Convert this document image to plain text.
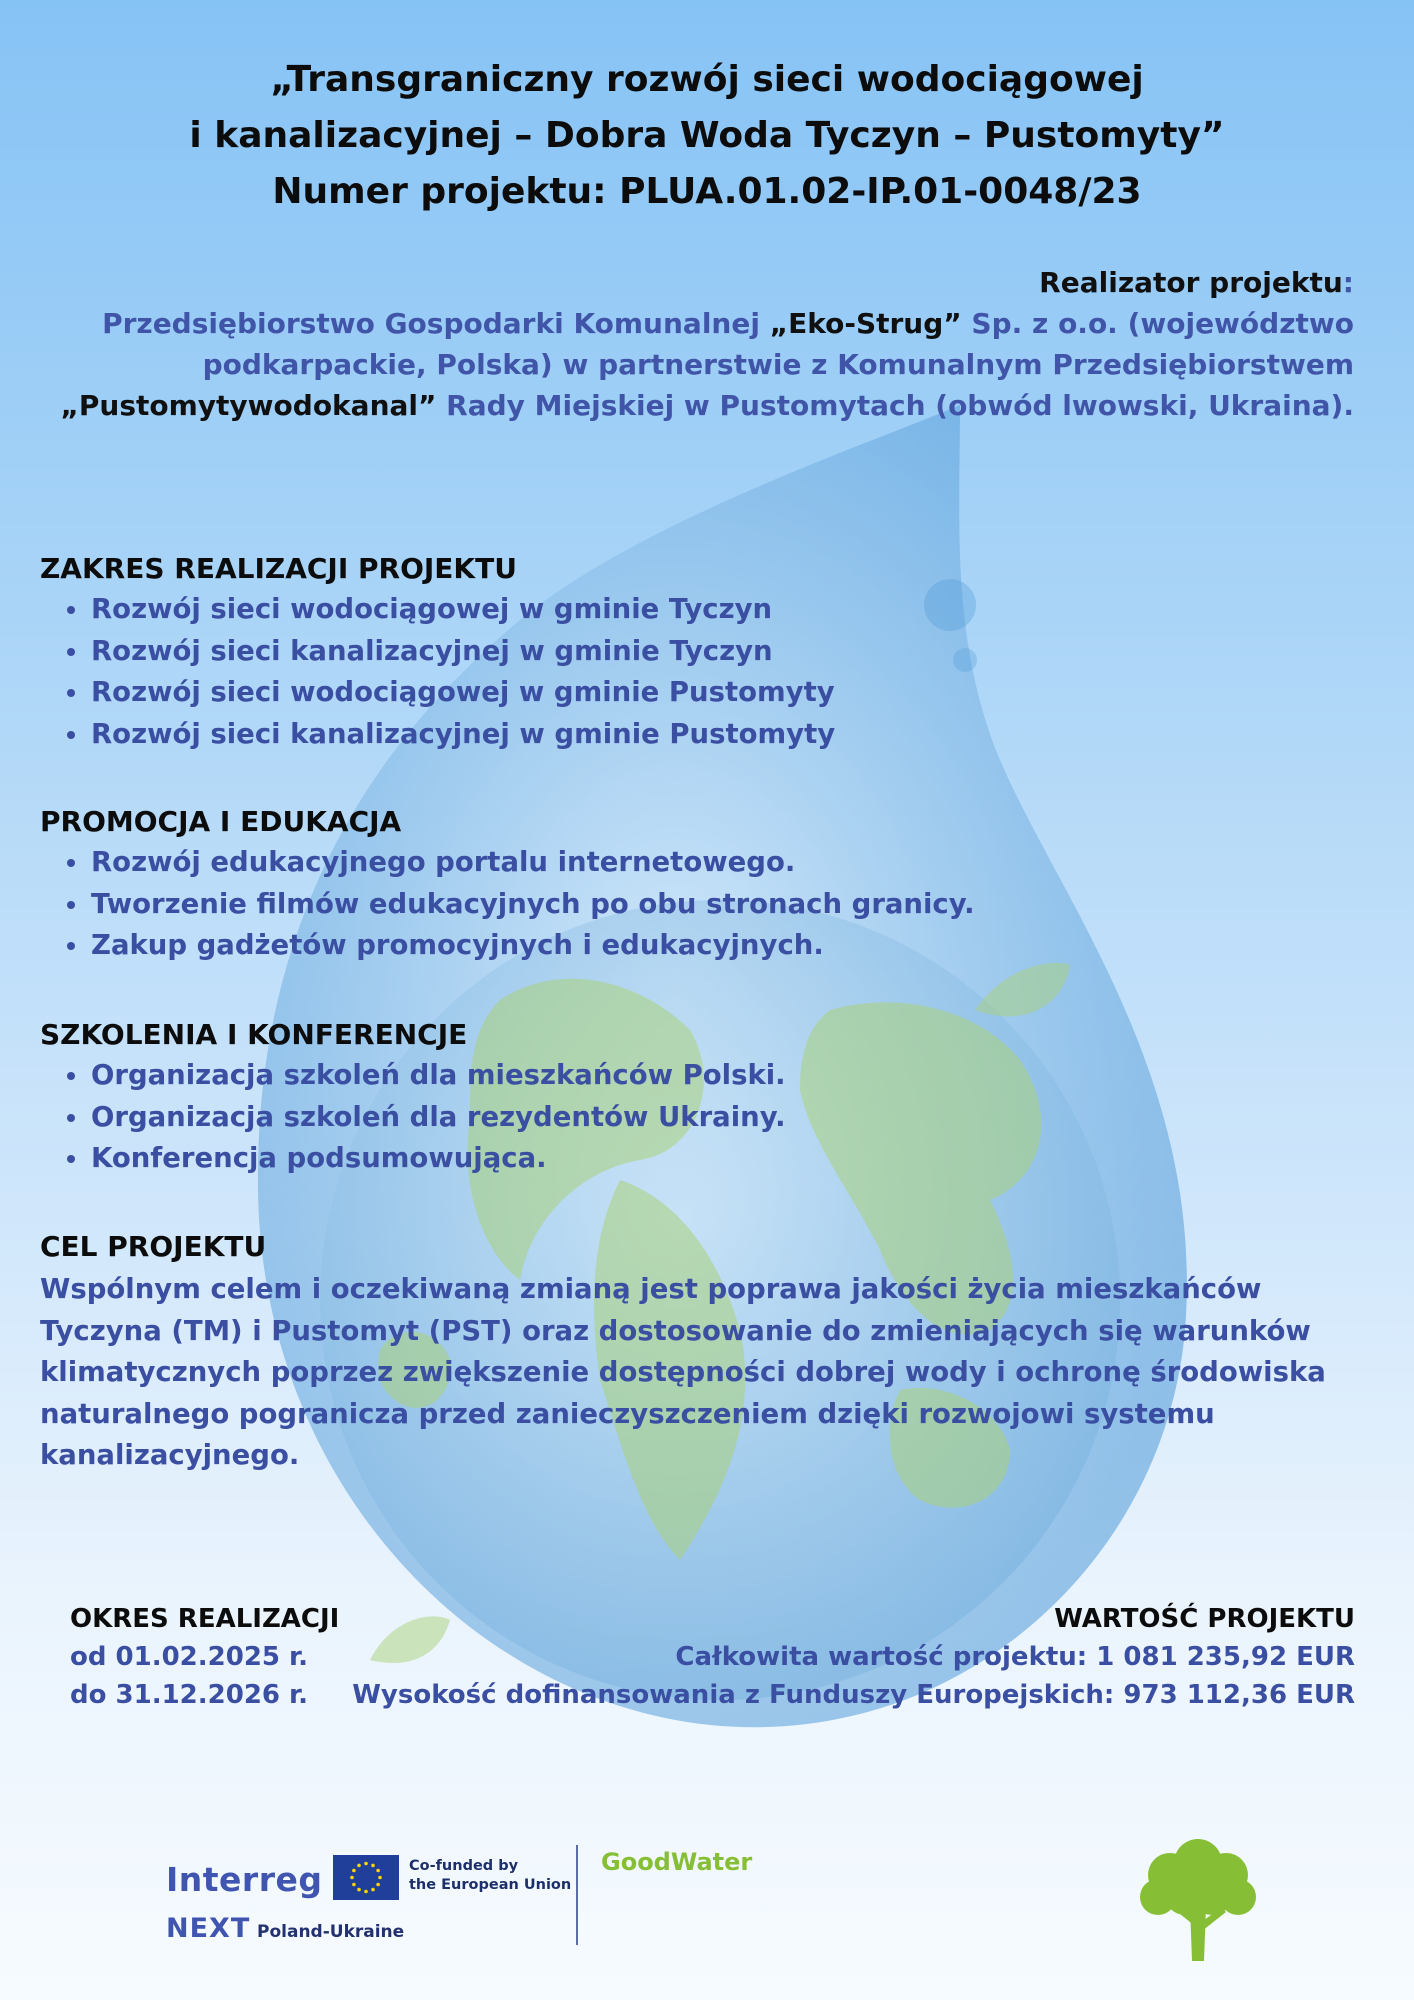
„Transgraniczny rozwój sieci wodociągowej
i kanalizacyjnej – Dobra Woda Tyczyn – Pustomyty”
Numer projektu: PLUA.01.02-IP.01-0048/23
Realizator projektu:
Przedsiębiorstwo Gospodarki Komunalnej „Eko-Strug” Sp. z o.o. (województwo podkarpackie, Polska) w partnerstwie z Komunalnym Przedsiębiorstwem „Pustomytywodokanal” Rady Miejskiej w Pustomytach (obwód lwowski, Ukraina).
ZAKRES REALIZACJI PROJEKTU
Rozwój sieci wodociągowej w gminie Tyczyn
Rozwój sieci kanalizacyjnej w gminie Tyczyn
Rozwój sieci wodociągowej w gminie Pustomyty
Rozwój sieci kanalizacyjnej w gminie Pustomyty
PROMOCJA I EDUKACJA
Rozwój edukacyjnego portalu internetowego.
Tworzenie filmów edukacyjnych po obu stronach granicy.
Zakup gadżetów promocyjnych i edukacyjnych.
SZKOLENIA I KONFERENCJE
Organizacja szkoleń dla mieszkańców Polski.
Organizacja szkoleń dla rezydentów Ukrainy.
Konferencja podsumowująca.
CEL PROJEKTU

Wspólnym celem i oczekiwaną zmianą jest poprawa jakości życia mieszkańców Tyczyna (TM) i Pustomyt (PST) oraz dostosowanie do zmieniających się warunków klimatycznych poprzez zwiększenie dostępności dobrej wody i ochronę środowiska naturalnego pogranicza przed zanieczyszczeniem dzięki rozwojowi systemu kanalizacyjnego.

OKRES REALIZACJI
od 01.02.2025 r.
do 31.12.2026 r.
WARTOŚĆ PROJEKTU
Całkowita wartość projektu: 1 081 235,92 EUR
Wysokość dofinansowania z Funduszy Europejskich: 973 112,36 EUR
Interreg
NEXT Poland-Ukraine
Co-funded by
the European Union
GoodWater
